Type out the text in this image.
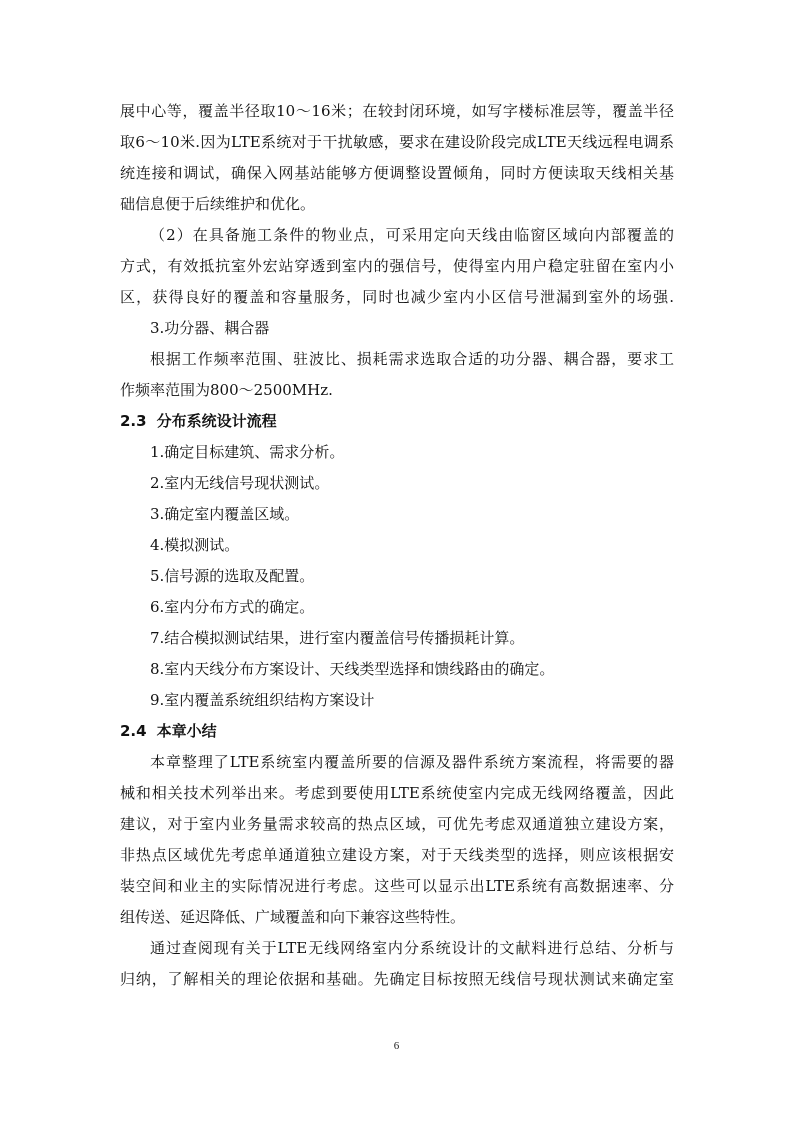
展中心等，覆盖半径取10～16米；在较封闭环境，如写字楼标准层等，覆盖半径
取6～10米.因为LTE系统对于干扰敏感，要求在建设阶段完成LTE天线远程电调系
统连接和调试，确保入网基站能够方便调整设置倾角，同时方便读取天线相关基
础信息便于后续维护和优化。
（2）在具备施工条件的物业点，可采用定向天线由临窗区域向内部覆盖的
方式，有效抵抗室外宏站穿透到室内的强信号，使得室内用户稳定驻留在室内小
区，获得良好的覆盖和容量服务，同时也减少室内小区信号泄漏到室外的场强.
3.功分器、耦合器
根据工作频率范围、驻波比、损耗需求选取合适的功分器、耦合器，要求工
作频率范围为800～2500MHz.
2.3 分布系统设计流程
1.确定目标建筑、需求分析。
2.室内无线信号现状测试。
3.确定室内覆盖区域。
4.模拟测试。
5.信号源的选取及配置。
6.室内分布方式的确定。
7.结合模拟测试结果，进行室内覆盖信号传播损耗计算。
8.室内天线分布方案设计、天线类型选择和馈线路由的确定。
9.室内覆盖系统组织结构方案设计
2.4 本章小结
本章整理了LTE系统室内覆盖所要的信源及器件系统方案流程，将需要的器
械和相关技术列举出来。考虑到要使用LTE系统使室内完成无线网络覆盖，因此
建议，对于室内业务量需求较高的热点区域，可优先考虑双通道独立建设方案，
非热点区域优先考虑单通道独立建设方案，对于天线类型的选择，则应该根据安
装空间和业主的实际情况进行考虑。这些可以显示出LTE系统有高数据速率、分
组传送、延迟降低、广域覆盖和向下兼容这些特性。
通过查阅现有关于LTE无线网络室内分系统设计的文献料进行总结、分析与
归纳，了解相关的理论依据和基础。先确定目标按照无线信号现状测试来确定室
6
